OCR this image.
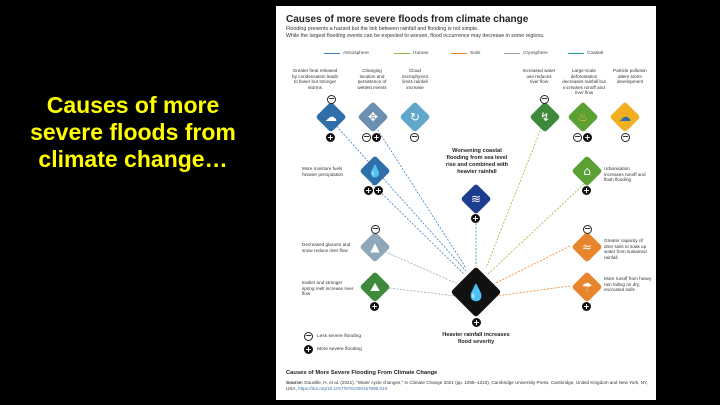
Causes of more severe floods from climate change…
Causes of more severe floods from climate change
Flooding presents a hazard but the link between rainfall and flooding is not simple.
While the largest flooding events can be expected to worsen, flood occurrence may decrease in some regions.
Atmosphere	Human	Soils	Cryosphere	Coastal
Greater heat released by condensation leads to fewer but stronger storms
Changing location and persistence of wettest events
Cloud microphysics limits rainfall increase
Increased water use reduces river flow
Large-scale deforestation decreases rainfall but increases runoff and river flow
Particle pollution alters storm development
☁
−
+
✥
− +
↻
−
↯
−
♨
− +
☁
−
More moisture fuels heavier precipitation	💧
+ +
⌂
+
Urbanisation increases runoff and flash flooding
Worsening coastal flooding from sea level rise and combined with heavier rainfall
≋
+
Decreased glaciers and snow reduce river flow	▲
−
≈
−
Greater capacity of drier soils to soak up water from sustained rainfall
Earlier and stronger spring melt increase river flow	⛰
+
☂
+
More runoff from heavy rain falling on dry, encrusted soils
💧
+
Heavier rainfall increases flood severity
− Less severe flooding
+ More severe flooding
Causes of More Severe Flooding From Climate Change
Source: Douville, H. et al. (2021), "Water cycle changes," in Climate Change 2021 (pp. 1055–1210), Cambridge University Press, Cambridge, United Kingdom and New York, NY, USA, https://doi.org/10.1017/9781009157896.010.
